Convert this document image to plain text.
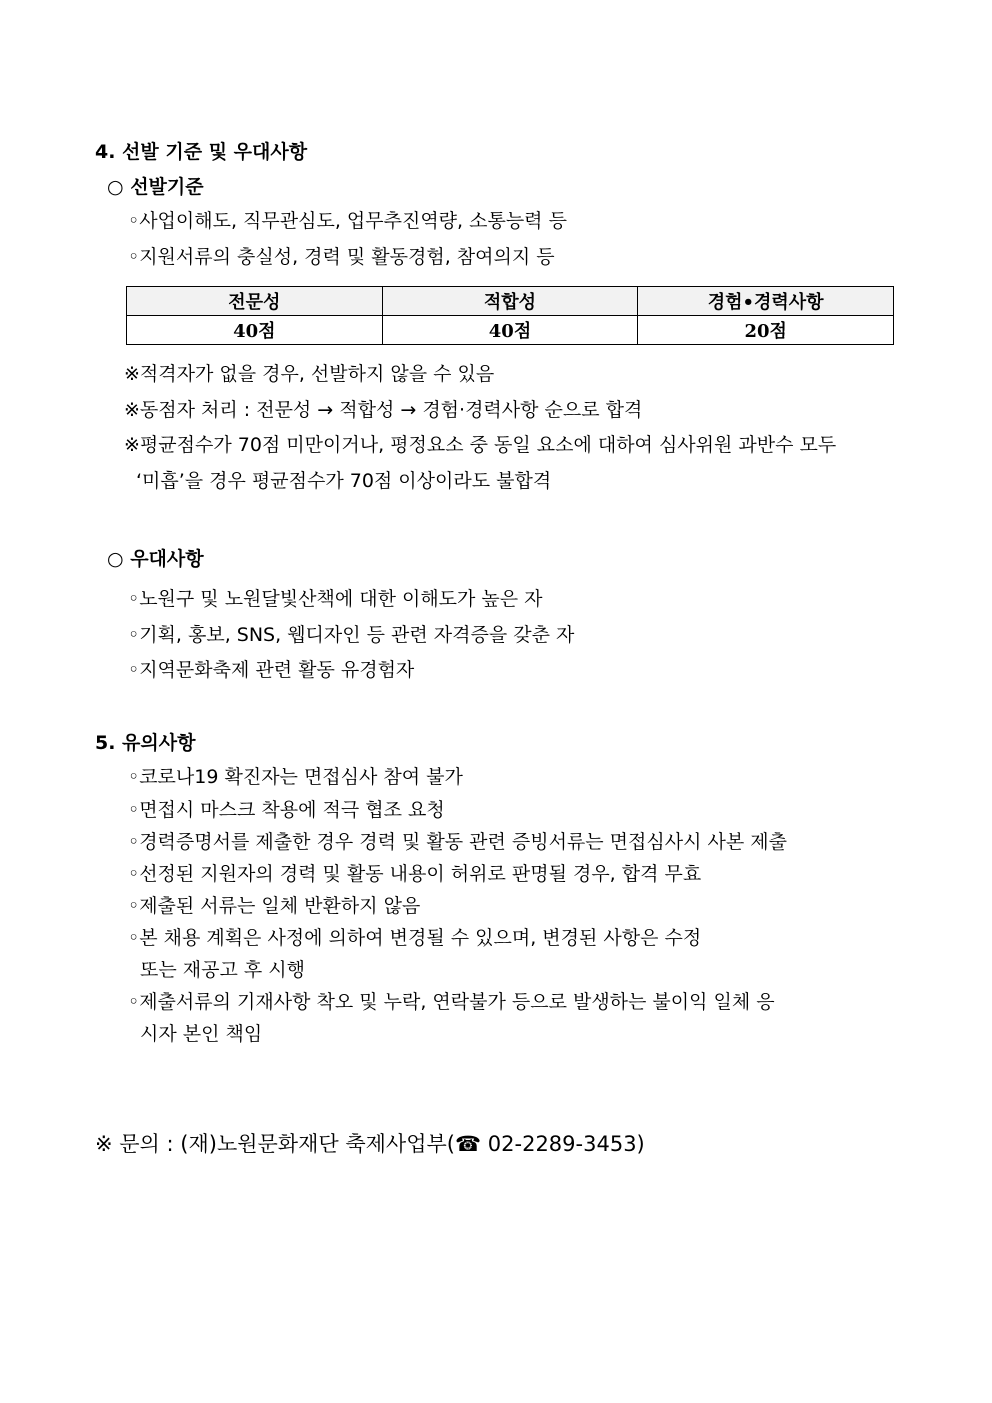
4. 선발 기준 및 우대사항
○ 선발기준
◦사업이해도, 직무관심도, 업무추진역량, 소통능력 등
◦지원서류의 충실성, 경력 및 활동경험, 참여의지 등
전문성	적합성	경험•경력사항
40점	40점	20점
※적격자가 없을 경우, 선발하지 않을 수 있음
※동점자 처리 : 전문성 → 적합성 → 경험·경력사항 순으로 합격
※평균점수가 70점 미만이거나, 평정요소 중 동일 요소에 대하여 심사위원 과반수 모두
‘미흡’을 경우 평균점수가 70점 이상이라도 불합격
○ 우대사항
◦노원구 및 노원달빛산책에 대한 이해도가 높은 자
◦기획, 홍보, SNS, 웹디자인 등 관련 자격증을 갖춘 자
◦지역문화축제 관련 활동 유경험자
5. 유의사항
◦코로나19 확진자는 면접심사 참여 불가
◦면접시 마스크 착용에 적극 협조 요청
◦경력증명서를 제출한 경우 경력 및 활동 관련 증빙서류는 면접심사시 사본 제출
◦선정된 지원자의 경력 및 활동 내용이 허위로 판명될 경우, 합격 무효
◦제출된 서류는 일체 반환하지 않음
◦본 채용 계획은 사정에 의하여 변경될 수 있으며, 변경된 사항은 수정
또는 재공고 후 시행
◦제출서류의 기재사항 착오 및 누락, 연락불가 등으로 발생하는 불이익 일체 응
시자 본인 책임
※ 문의 : (재)노원문화재단 축제사업부(☎ 02-2289-3453)
